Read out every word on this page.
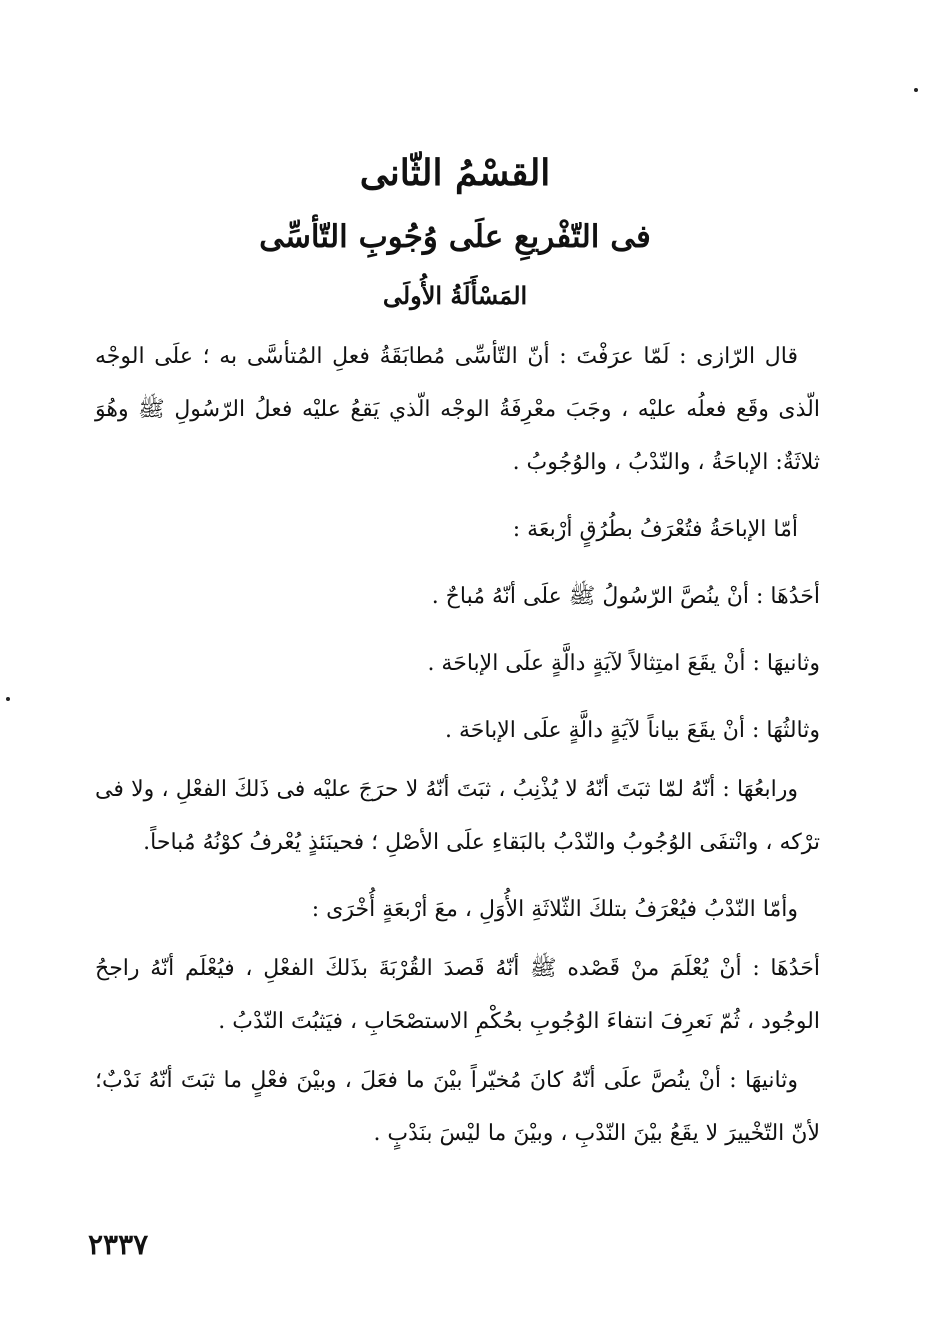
القسْمُ الثّانى
فى التّفْريعِ علَى وُجُوبِ التّأسِّى
المَسْأَلَةُ الأُولَى

قال الرّازى : لَمّا عرَفْتَ : أنّ التّأسِّى مُطابَقَةُ فعلِ المُتأسَّى به ؛ علَى الوجْه الّذى وقَع فعلُه عليْه ، وجَبَ معْرِفَةُ الوجْه الّذي يَقعُ عليْه فعلُ الرّسُولِ ﷺ وهُوَ ثلاثَةٌ: الإباحَةُ ، والنّدْبُ ، والوُجُوبُ .

أمّا الإباحَةُ فتُعْرَفُ بطُرُقٍ أرْبعَة :

أحَدُهَا : أنْ ينُصَّ الرّسُولُ ﷺ علَى أنّهُ مُباحٌ .

وثانيهَا : أنْ يقَعَ امتِثالاً لآيَةٍ دالَّةٍ علَى الإباحَة .

وثالثُهَا : أنْ يقَعَ بياناً لآيَةٍ دالَّةٍ علَى الإباحَة .

ورابعُهَا : أنّهُ لمّا ثبَتَ أنّهُ لا يُذْنِبُ ، ثبَتَ أنّهُ لا حرَجَ عليْه فى ذَلكَ الفعْلِ ، ولا فى ترْكه ، وانْتفَى الوُجُوبُ والنّدْبُ بالبَقاءِ علَى الأصْلِ ؛ فحينَئذٍ يُعْرفُ كوْنُهُ مُباحاً.

وأمّا النّدْبُ فيُعْرَفُ بتلكَ الثّلاثَةِ الأُوَلِ ، معَ أرْبعَةٍ أُخْرَى :

أحَدُهَا : أنْ يُعْلَمَ منْ قَصْده ﷺ أنّهُ قَصدَ القُرْبَةَ بذَلكَ الفعْلِ ، فيُعْلَم أنّهُ راجحُ الوجُود ، ثُمّ نَعرِفَ انتفاءَ الوُجُوبِ بحُكْمِ الاستصْحَابِ ، فيَثبُتَ النّدْبُ .

وثانيهَا : أنْ ينُصَّ علَى أنّهُ كانَ مُخيّراً بيْنَ ما فعَلَ ، وبيْنَ فعْلٍ ما ثبَتَ أنّهُ نَدْبٌ؛ لأنّ التّخْييرَ لا يقَعُ بيْنَ النّدْبِ ، وبيْنَ ما ليْسَ بنَدْبٍ .

٢٣٣٧
